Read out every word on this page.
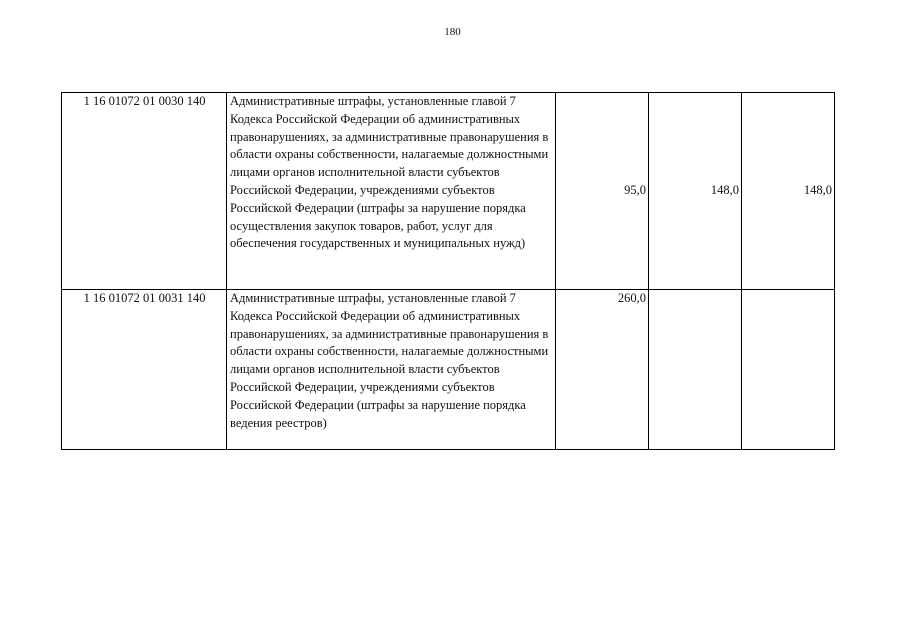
180
1 16 01072 01 0030 140	Административные штрафы, установленные главой 7 Кодекса Российской Федерации об административных правонарушениях, за административные правонарушения в области охраны собственности, налагаемые должностными лицами органов исполнительной власти субъектов Российской Федерации, учреждениями субъектов Российской Федерации (штрафы за нарушение порядка осуществления закупок товаров, работ, услуг для обеспечения государственных и муниципальных нужд)	95,0	148,0	148,0
1 16 01072 01 0031 140	Административные штрафы, установленные главой 7 Кодекса Российской Федерации об административных правонарушениях, за административные правонарушения в области охраны собственности, налагаемые должностными лицами органов исполнительной власти субъектов Российской Федерации, учреждениями субъектов Российской Федерации (штрафы за нарушение порядка ведения реестров)	260,0		
